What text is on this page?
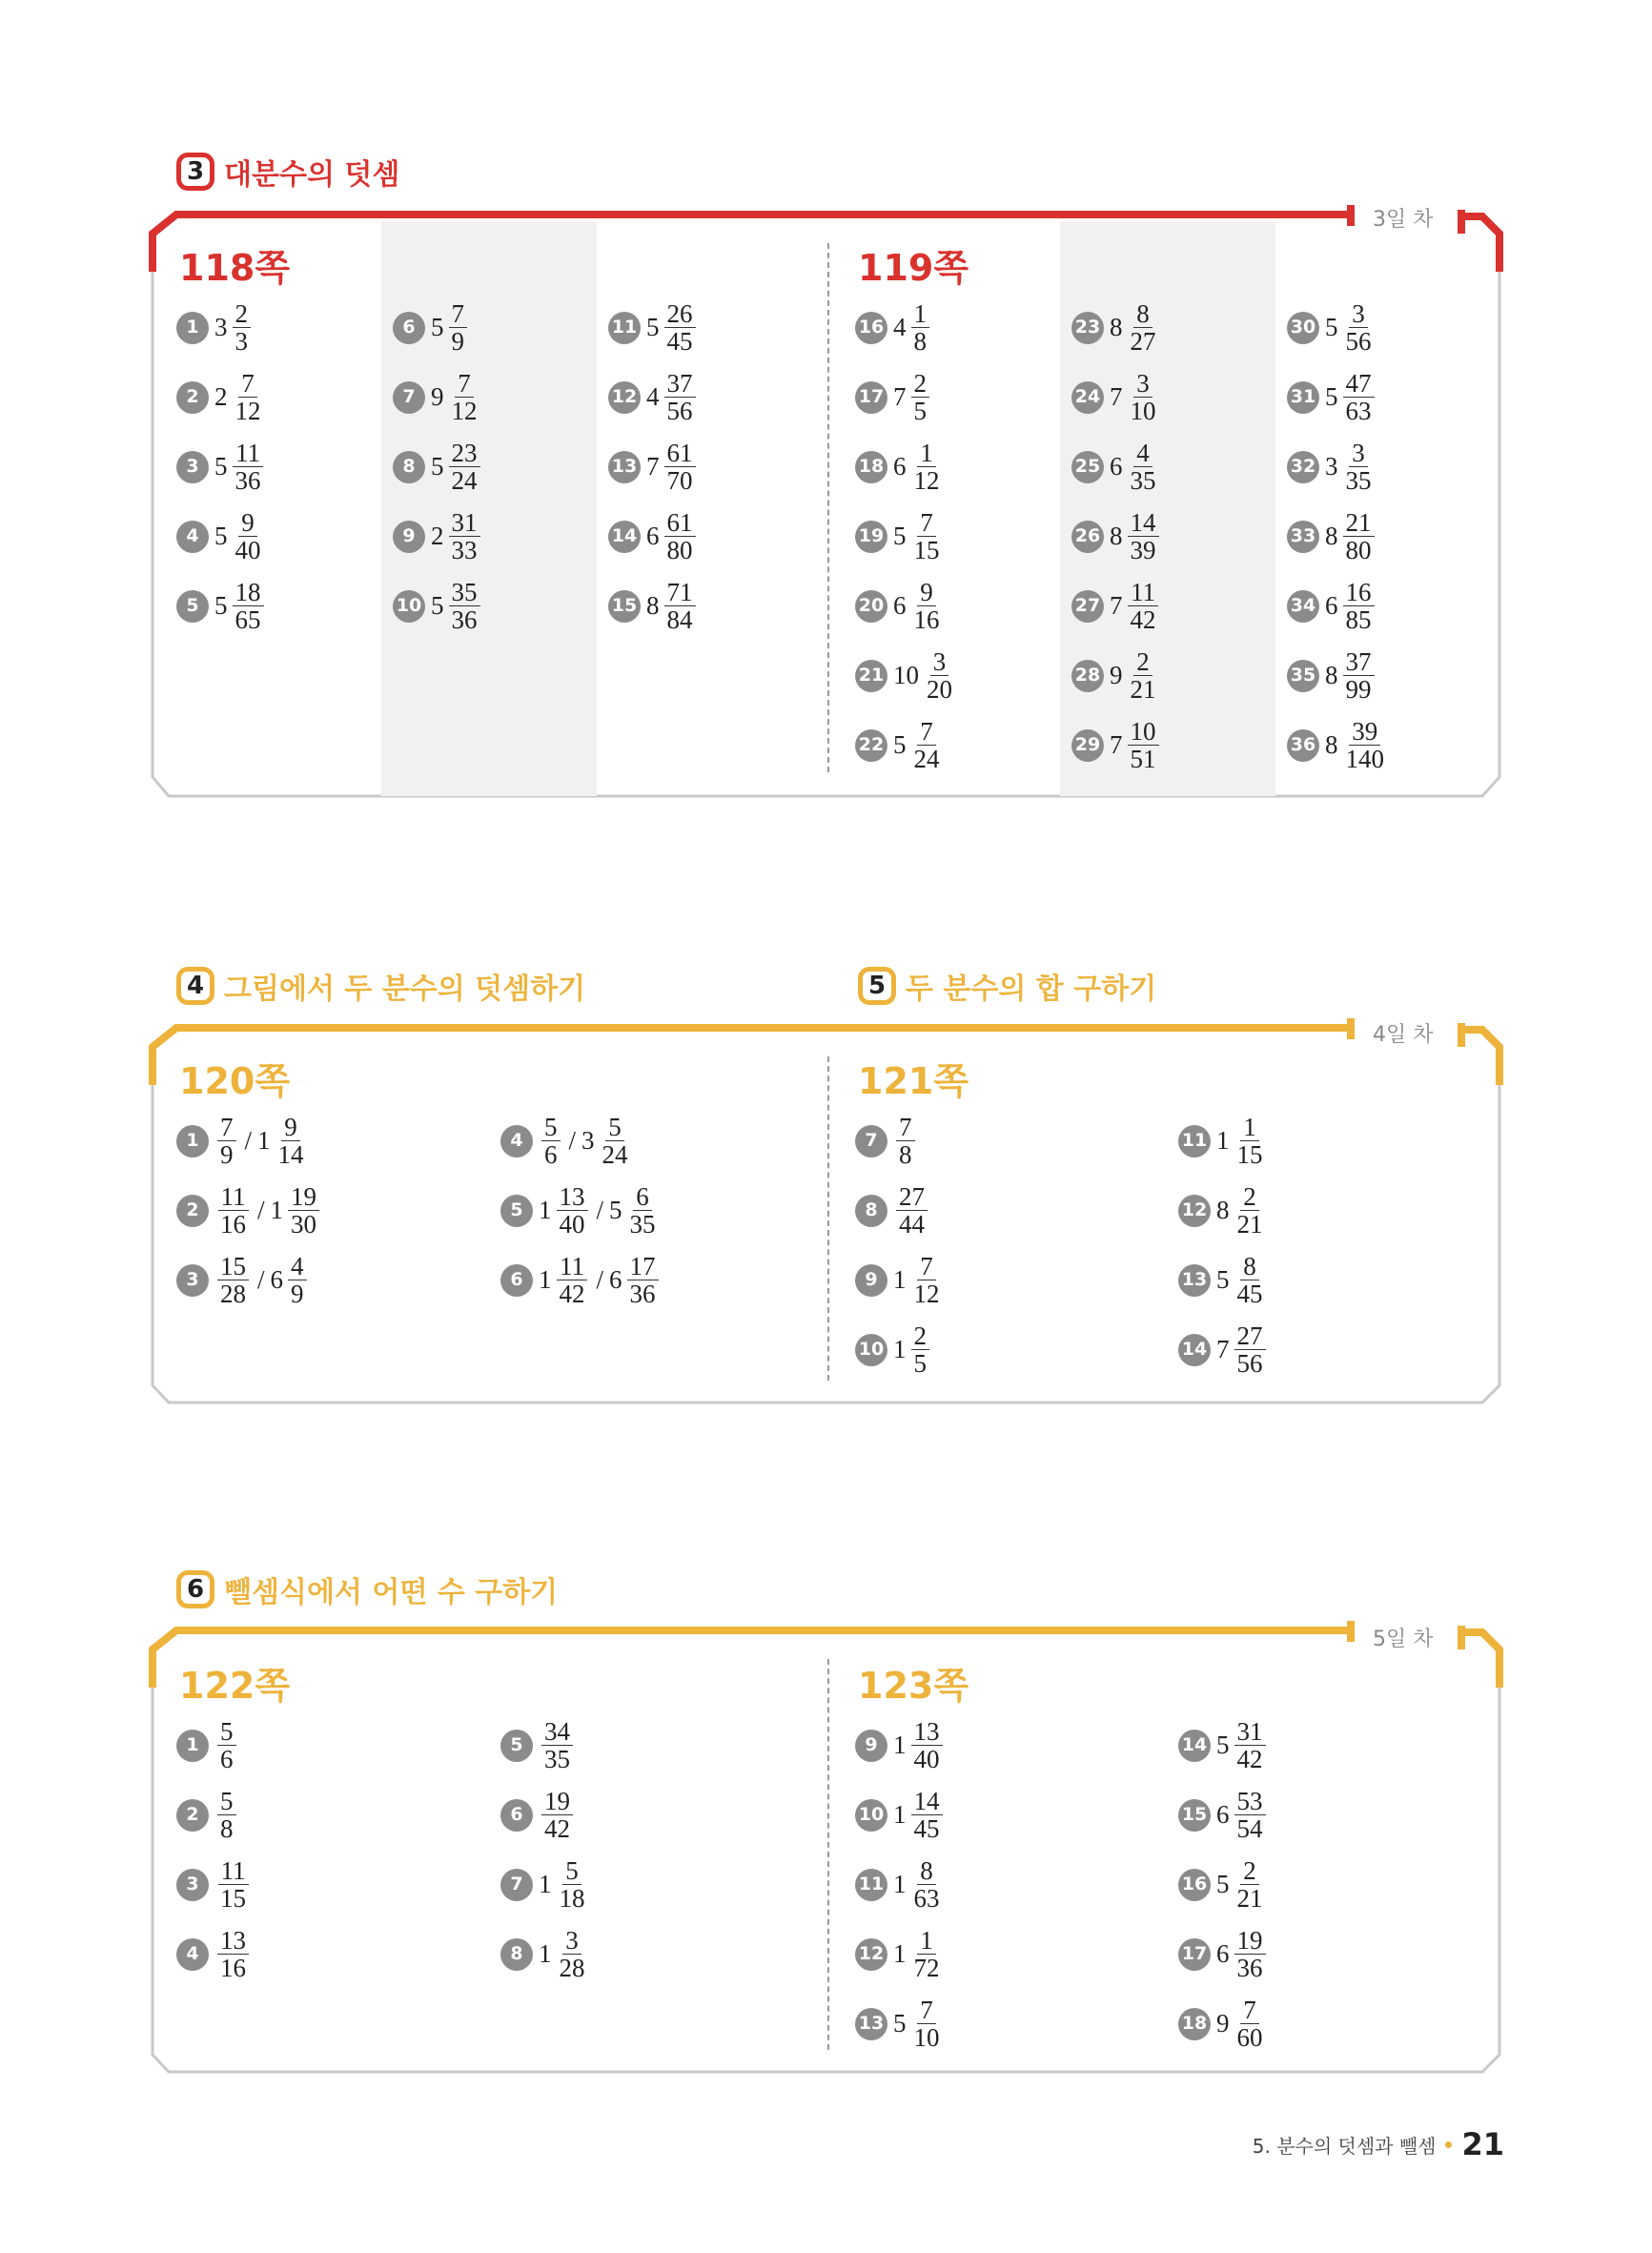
3 대분수의 덧셈
3일 차
118쪽	119쪽
1 $3 \frac{2}{3}$
2 $2 \frac{7}{12}$
3 $5 \frac{11}{36}$
4 $5 \frac{9}{40}$
5 $5 \frac{18}{65}$
6 $5 \frac{7}{9}$
7 $9 \frac{7}{12}$
8 $5 \frac{23}{24}$
9 $2 \frac{31}{33}$
10 $5 \frac{35}{36}$
11 $5 \frac{26}{45}$
12 $4 \frac{37}{56}$
13 $7 \frac{61}{70}$
14 $6 \frac{61}{80}$
15 $8 \frac{71}{84}$
16 $4 \frac{1}{8}$
17 $7 \frac{2}{5}$
18 $6 \frac{1}{12}$
19 $5 \frac{7}{15}$
20 $6 \frac{9}{16}$
21 $10 \frac{3}{20}$
22 $5 \frac{7}{24}$
23 $8 \frac{8}{27}$
24 $7 \frac{3}{10}$
25 $6 \frac{4}{35}$
26 $8 \frac{14}{39}$
27 $7 \frac{11}{42}$
28 $9 \frac{2}{21}$
29 $7 \frac{10}{51}$
30 $5 \frac{3}{56}$
31 $5 \frac{47}{63}$
32 $3 \frac{3}{35}$
33 $8 \frac{21}{80}$
34 $6 \frac{16}{85}$
35 $8 \frac{37}{99}$
36 $8 \frac{39}{140}$
4 그림에서 두 분수의 덧셈하기	5 두 분수의 합 구하기
4일 차
120쪽	121쪽
$1 \frac{7}{9} / 1 \frac{9}{14}$
$2 \frac{11}{16} / 1 \frac{19}{30}$
$3 \frac{15}{28} / 6 \frac{4}{9}$
$4 \frac{5}{6} / 3 \frac{5}{24}$
5 $1 \frac{13}{40} / 5 \frac{6}{35}$
6 $1 \frac{11}{42} / 6 \frac{17}{36}$
$7 \frac{7}{8}$
$8 \frac{27}{44}$
9 $1 \frac{7}{12}$
10 $1 \frac{2}{5}$
11 $1 \frac{1}{15}$
12 $8 \frac{2}{21}$
13 $5 \frac{8}{45}$
14 $7 \frac{27}{56}$
6 뺄셈식에서 어떤 수 구하기
5일 차
122쪽	123쪽
$1 \frac{5}{6}$
$2 \frac{5}{8}$
$3 \frac{11}{15}$
$4 \frac{13}{16}$
$5 \frac{34}{35}$
$6 \frac{19}{42}$
7 $1 \frac{5}{18}$
8 $1 \frac{3}{28}$
9 $1 \frac{13}{40}$
10 $1 \frac{14}{45}$
11 $1 \frac{8}{63}$
12 $1 \frac{1}{72}$
13 $5 \frac{7}{10}$
14 $5 \frac{31}{42}$
15 $6 \frac{53}{54}$
16 $5 \frac{2}{21}$
17 $6 \frac{19}{36}$
18 $9 \frac{7}{60}$
5. 분수의 덧셈과 뺄셈 21
